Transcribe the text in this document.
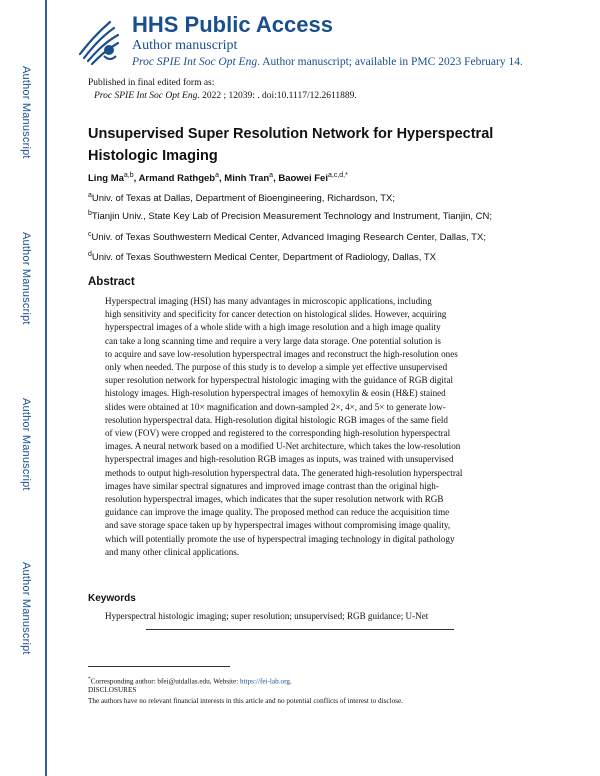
Author Manuscript
Author Manuscript
Author Manuscript
Author Manuscript
HHS Public Access
Author manuscript
Proc SPIE Int Soc Opt Eng. Author manuscript; available in PMC 2023 February 14.
Published in final edited form as:
Proc SPIE Int Soc Opt Eng. 2022 ; 12039: . doi:10.1117/12.2611889.
Unsupervised Super Resolution Network for Hyperspectral Histologic Imaging
Ling Ma$^{a,b}$, Armand Rathgeb$^a$, Minh Tran$^a$, Baowei Fei$^{a,c,d,*}$
$^a$Univ. of Texas at Dallas, Department of Bioengineering, Richardson, TX;
$^b$Tianjin Univ., State Key Lab of Precision Measurement Technology and Instrument, Tianjin, CN;
$^c$Univ. of Texas Southwestern Medical Center, Advanced Imaging Research Center, Dallas, TX;
$^d$Univ. of Texas Southwestern Medical Center, Department of Radiology, Dallas, TX
Abstract
Hyperspectral imaging (HSI) has many advantages in microscopic applications, including
high sensitivity and specificity for cancer detection on histological slides. However, acquiring
hyperspectral images of a whole slide with a high image resolution and a high image quality
can take a long scanning time and require a very large data storage. One potential solution is
to acquire and save low-resolution hyperspectral images and reconstruct the high-resolution ones
only when needed. The purpose of this study is to develop a simple yet effective unsupervised
super resolution network for hyperspectral histologic imaging with the guidance of RGB digital
histology images. High-resolution hyperspectral images of hemoxylin & eosin (H&E) stained
slides were obtained at 10× magnification and down-sampled 2×, 4×, and 5× to generate low-
resolution hyperspectral data. High-resolution digital histologic RGB images of the same field
of view (FOV) were cropped and registered to the corresponding high-resolution hyperspectral
images. A neural network based on a modified U-Net architecture, which takes the low-resolution
hyperspectral images and high-resolution RGB images as inputs, was trained with unsupervised
methods to output high-resolution hyperspectral data. The generated high-resolution hyperspectral
images have similar spectral signatures and improved image contrast than the original high-
resolution hyperspectral images, which indicates that the super resolution network with RGB
guidance can improve the image quality. The proposed method can reduce the acquisition time
and save storage space taken up by hyperspectral images without compromising image quality,
which will potentially promote the use of hyperspectral imaging technology in digital pathology
and many other clinical applications.
Keywords
Hyperspectral histologic imaging; super resolution; unsupervised; RGB guidance; U-Net
*Corresponding author: bfei@utdallas.edu, Website: https://fei-lab.org.
DISCLOSURES
The authors have no relevant financial interests in this article and no potential conflicts of interest to disclose.
